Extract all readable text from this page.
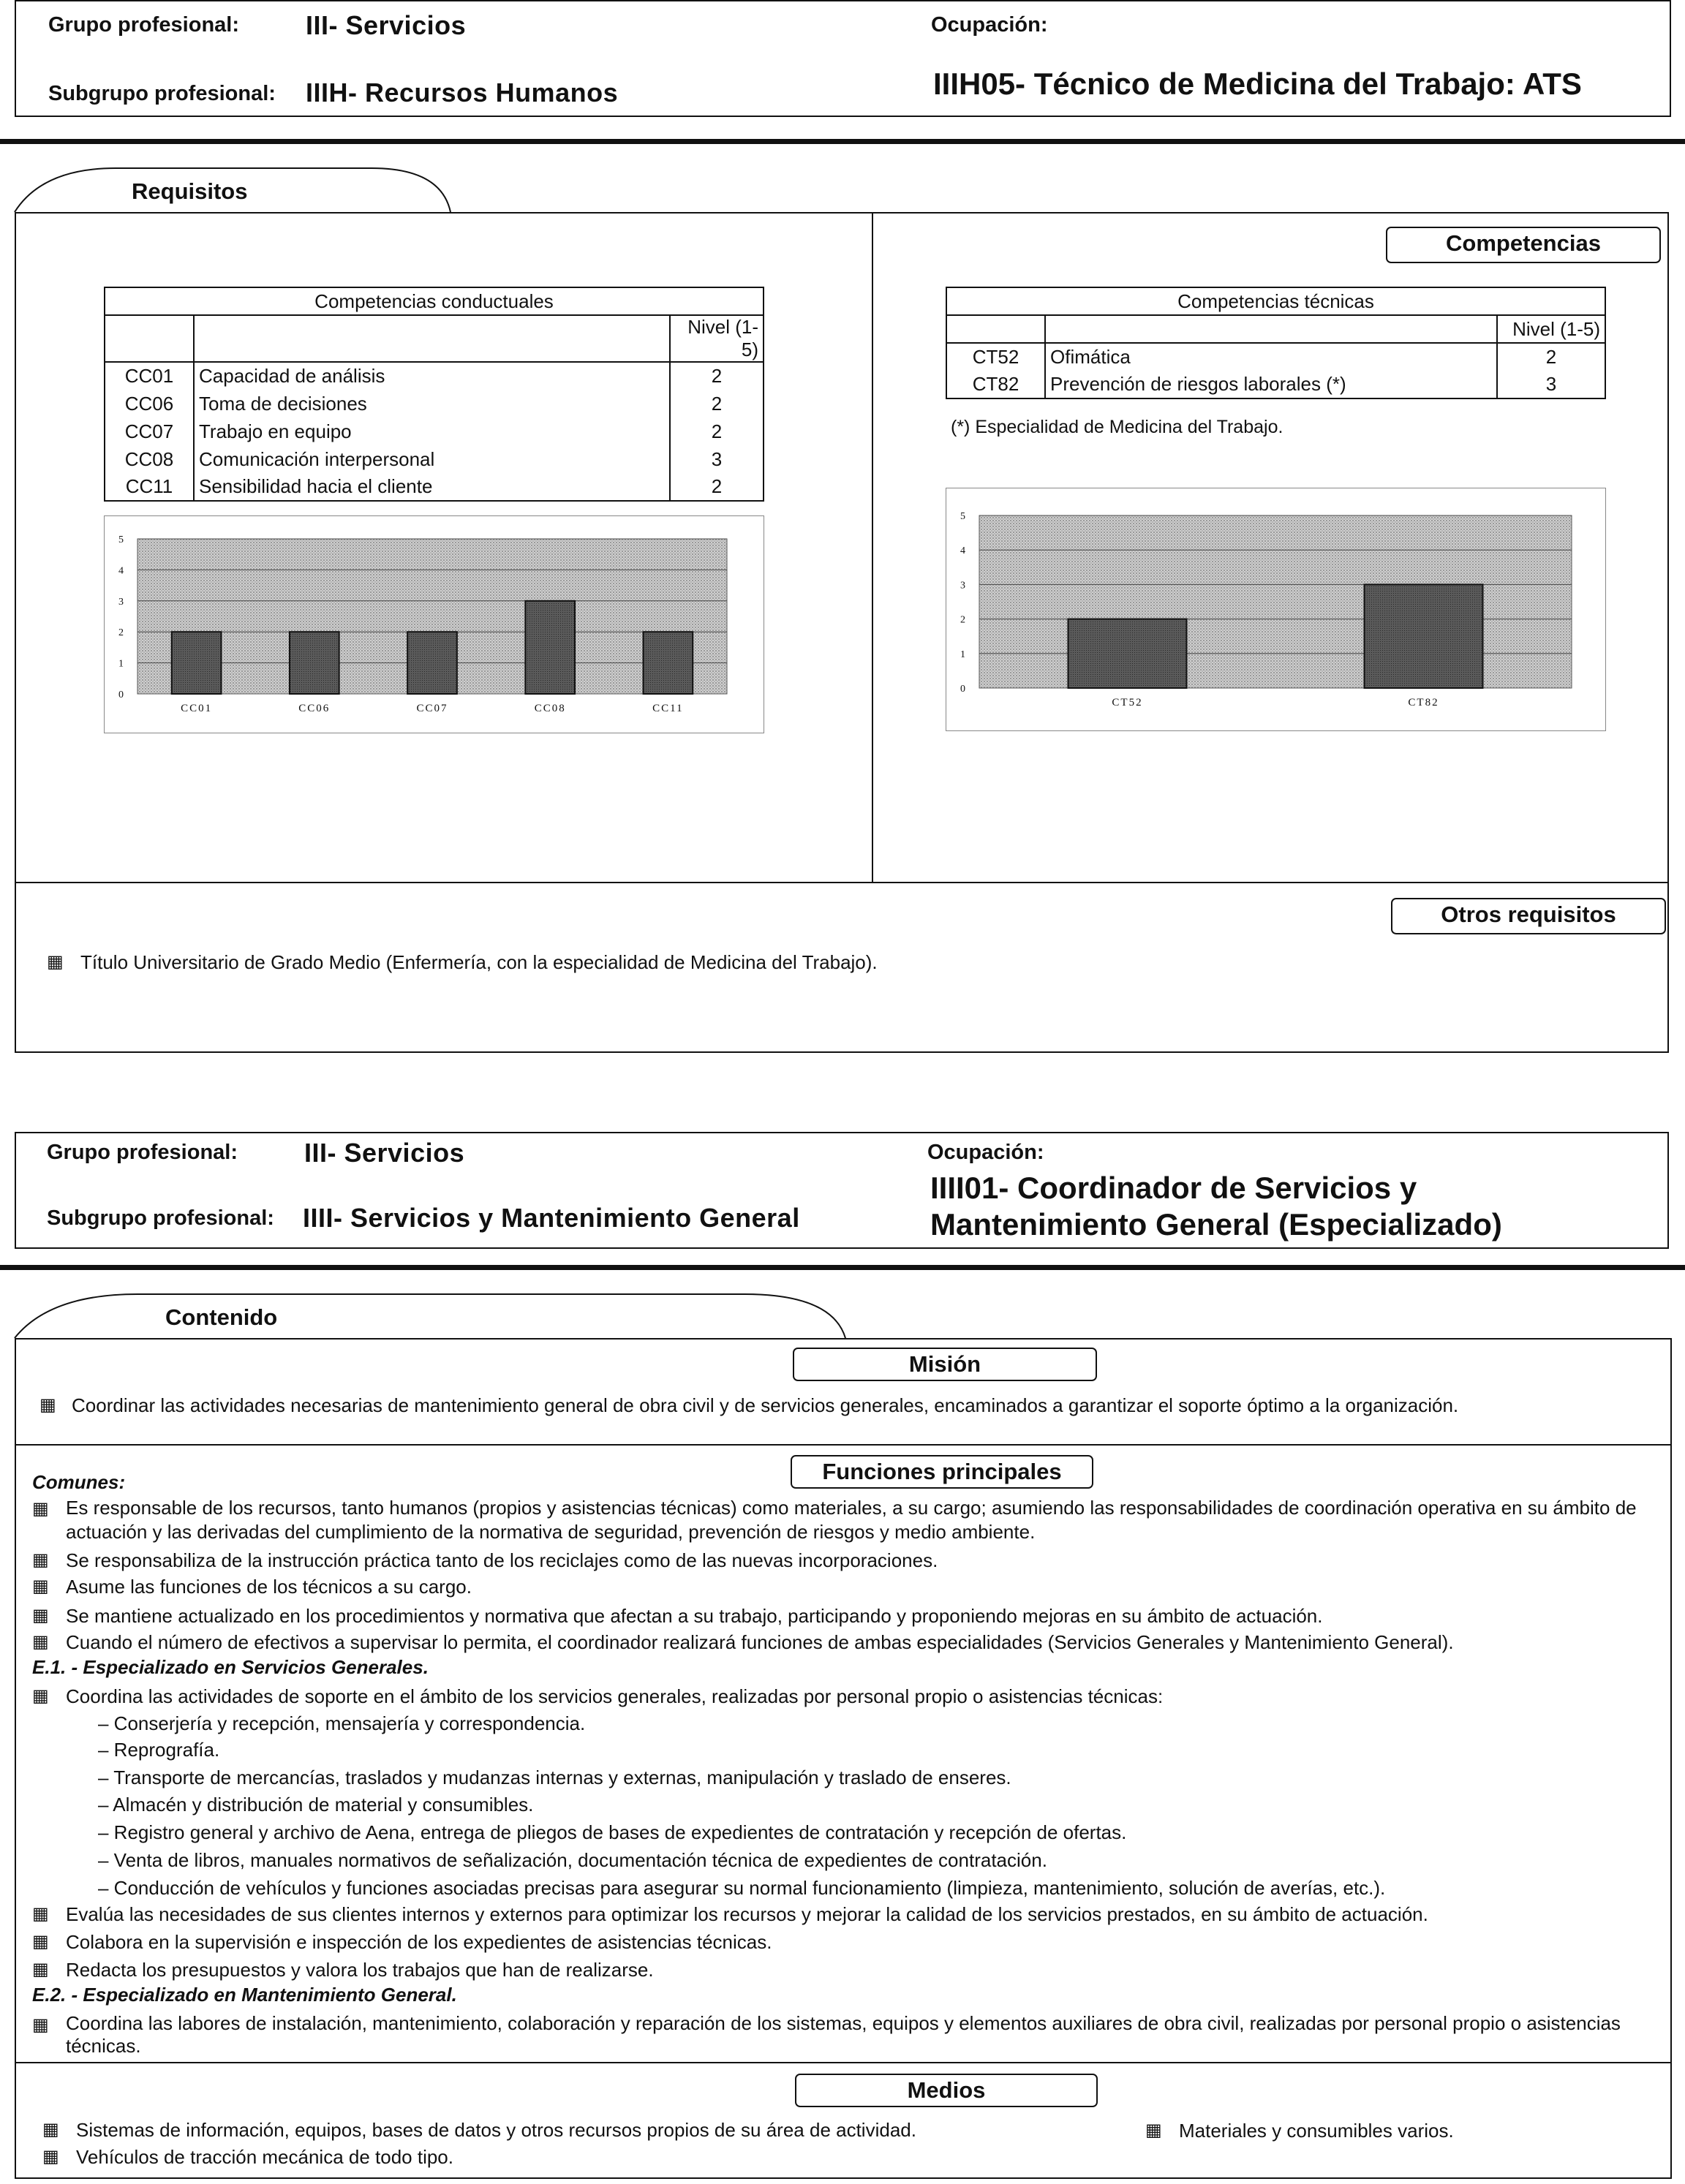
Grupo profesional:	III- Servicios
Subgrupo profesional: IIIH- Recursos Humanos
Ocupación:
IIIH05- Técnico de Medicina del Trabajo: ATS
Requisitos
Competencias
Competencias conductuales		
		Nivel (1-5)
CC01	Capacidad de análisis	2
CC06	Toma de decisiones	2
CC07	Trabajo en equipo	2
CC08	Comunicación interpersonal	3
CC11	Sensibilidad hacia el cliente	2
Competencias técnicas		
		Nivel (1-5)
CT52	Ofimática	2
CT82	Prevención de riesgos laborales (*)	3
(*) Especialidad de Medicina del Trabajo.
0
1
2
3
4
5
CC01	CC06	CC07	CC08	CC11
0
1
2
3
4
5
CT52	CT82
Otros requisitos
▦ Título Universitario de Grado Medio (Enfermería, con la especialidad de Medicina del Trabajo).
Grupo profesional:	III- Servicios
Subgrupo profesional: IIII- Servicios y Mantenimiento General
Ocupación:
IIII01- Coordinador de Servicios y
Mantenimiento General (Especializado)
Contenido
Misión
▦ Coordinar las actividades necesarias de mantenimiento general de obra civil y de servicios generales, encaminados a garantizar el soporte óptimo a la organización.
Funciones principales
Comunes:
▦ Es responsable de los recursos, tanto humanos (propios y asistencias técnicas) como materiales, a su cargo; asumiendo las responsabilidades de coordinación operativa en su ámbito de actuación y las derivadas del cumplimiento de la normativa de seguridad, prevención de riesgos y medio ambiente.
▦ Se responsabiliza de la instrucción práctica tanto de los reciclajes como de las nuevas incorporaciones.
▦ Asume las funciones de los técnicos a su cargo.
▦ Se mantiene actualizado en los procedimientos y normativa que afectan a su trabajo, participando y proponiendo mejoras en su ámbito de actuación.
▦ Cuando el número de efectivos a supervisar lo permita, el coordinador realizará funciones de ambas especialidades (Servicios Generales y Mantenimiento General).
E.1. - Especializado en Servicios Generales.
▦ Coordina las actividades de soporte en el ámbito de los servicios generales, realizadas por personal propio o asistencias técnicas:
– Conserjería y recepción, mensajería y correspondencia.
– Reprografía.
– Transporte de mercancías, traslados y mudanzas internas y externas, manipulación y traslado de enseres.
– Almacén y distribución de material y consumibles.
– Registro general y archivo de Aena, entrega de pliegos de bases de expedientes de contratación y recepción de ofertas.
– Venta de libros, manuales normativos de señalización, documentación técnica de expedientes de contratación.
– Conducción de vehículos y funciones asociadas precisas para asegurar su normal funcionamiento (limpieza, mantenimiento, solución de averías, etc.).
▦ Evalúa las necesidades de sus clientes internos y externos para optimizar los recursos y mejorar la calidad de los servicios prestados, en su ámbito de actuación.
▦ Colabora en la supervisión e inspección de los expedientes de asistencias técnicas.
▦ Redacta los presupuestos y valora los trabajos que han de realizarse.
E.2. - Especializado en Mantenimiento General.
▦ Coordina las labores de instalación, mantenimiento, colaboración y reparación de los sistemas, equipos y elementos auxiliares de obra civil, realizadas por personal propio o asistencias técnicas.
Medios
▦ Sistemas de información, equipos, bases de datos y otros recursos propios de su área de actividad.
▦ Vehículos de tracción mecánica de todo tipo.
▦ Materiales y consumibles varios.
